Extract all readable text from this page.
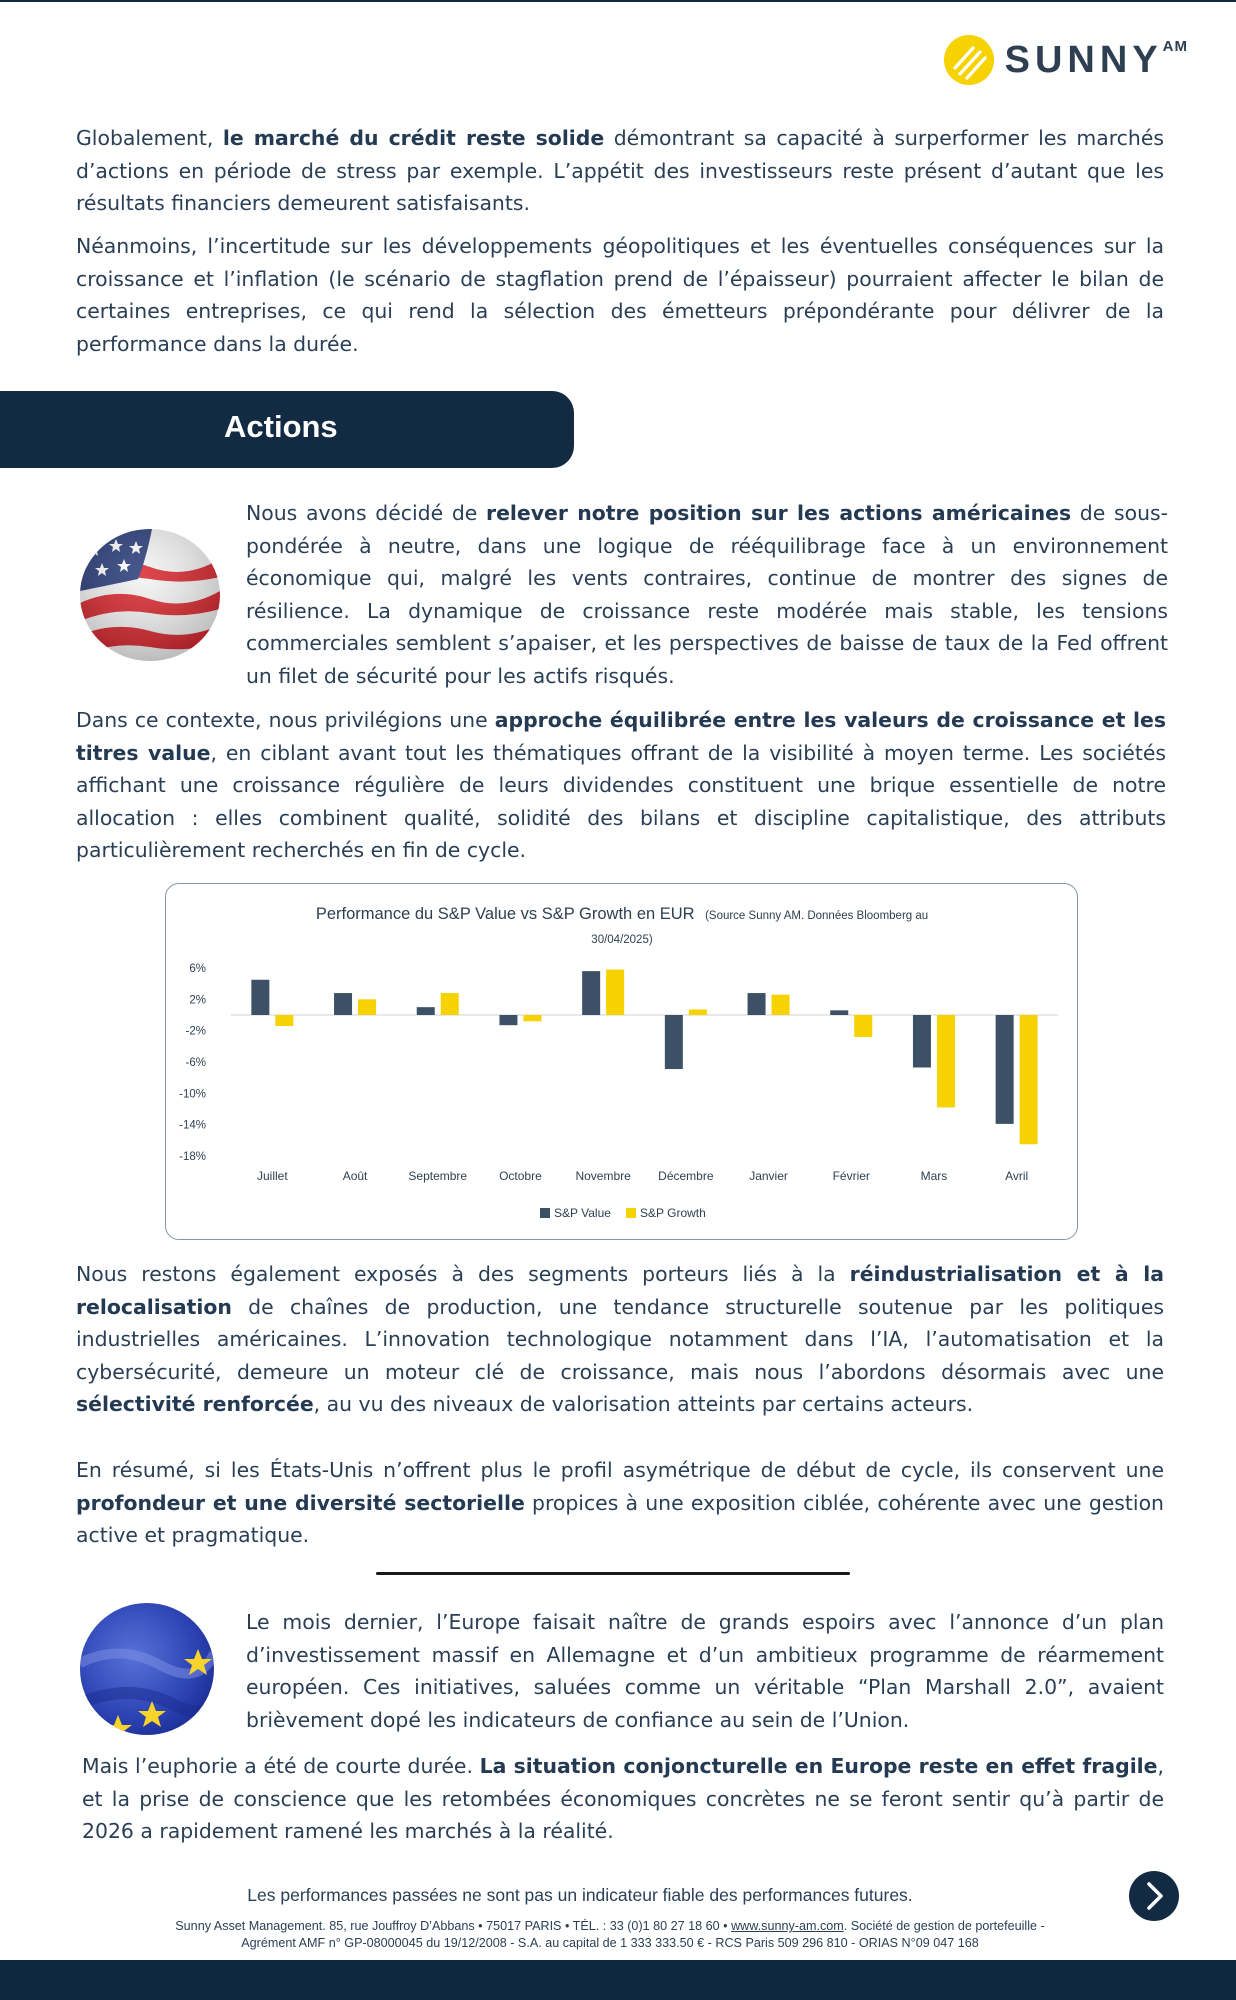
SUNNY AM

Globalement, le marché du crédit reste solide démontrant sa capacité à surperformer les marchés d’actions en période de stress par exemple. L’appétit des investisseurs reste présent d’autant que les résultats financiers demeurent satisfaisants.

Néanmoins, l’incertitude sur les développements géopolitiques et les éventuelles conséquences sur la croissance et l’inflation (le scénario de stagflation prend de l’épaisseur) pourraient affecter le bilan de certaines entreprises, ce qui rend la sélection des émetteurs prépondérante pour délivrer de la performance dans la durée.

Actions

Nous avons décidé de relever notre position sur les actions américaines de sous-pondérée à neutre, dans une logique de rééquilibrage face à un environnement économique qui, malgré les vents contraires, continue de montrer des signes de résilience. La dynamique de croissance reste modérée mais stable, les tensions commerciales semblent s’apaiser, et les perspectives de baisse de taux de la Fed offrent un filet de sécurité pour les actifs risqués.

Dans ce contexte, nous privilégions une approche équilibrée entre les valeurs de croissance et les titres value, en ciblant avant tout les thématiques offrant de la visibilité à moyen terme. Les sociétés affichant une croissance régulière de leurs dividendes constituent une brique essentielle de notre allocation : elles combinent qualité, solidité des bilans et discipline capitalistique, des attributs particulièrement recherchés en fin de cycle.

Performance du S&P Value vs S&P Growth en EUR (Source Sunny AM. Données Bloomberg au
30/04/2025)
6%
2%
-2%
-6%
-10%
-14%
-18%
Juillet	Août	Septembre	Octobre	Novembre Décembre	Janvier	Février	Mars	Avril
S&P Value S&P Growth

Nous restons également exposés à des segments porteurs liés à la réindustrialisation et à la relocalisation de chaînes de production, une tendance structurelle soutenue par les politiques industrielles américaines. L’innovation technologique notamment dans l’IA, l’automatisation et la cybersécurité, demeure un moteur clé de croissance, mais nous l’abordons désormais avec une sélectivité renforcée, au vu des niveaux de valorisation atteints par certains acteurs.

En résumé, si les États-Unis n’offrent plus le profil asymétrique de début de cycle, ils conservent une profondeur et une diversité sectorielle propices à une exposition ciblée, cohérente avec une gestion active et pragmatique.

Le mois dernier, l’Europe faisait naître de grands espoirs avec l’annonce d’un plan d’investissement massif en Allemagne et d’un ambitieux programme de réarmement européen. Ces initiatives, saluées comme un véritable “Plan Marshall 2.0”, avaient brièvement dopé les indicateurs de confiance au sein de l’Union.

Mais l’euphorie a été de courte durée. La situation conjoncturelle en Europe reste en effet fragile, et la prise de conscience que les retombées économiques concrètes ne se feront sentir qu’à partir de 2026 a rapidement ramené les marchés à la réalité.

Les performances passées ne sont pas un indicateur fiable des performances futures.

Sunny Asset Management. 85, rue Jouffroy D’Abbans • 75017 PARIS • TÉL. : 33 (0)1 80 27 18 60 • www.sunny-am.com. Société de gestion de portefeuille -

Agrément AMF n° GP-08000045 du 19/12/2008 - S.A. au capital de 1 333 333.50 € - RCS Paris 509 296 810 - ORIAS N°09 047 168
